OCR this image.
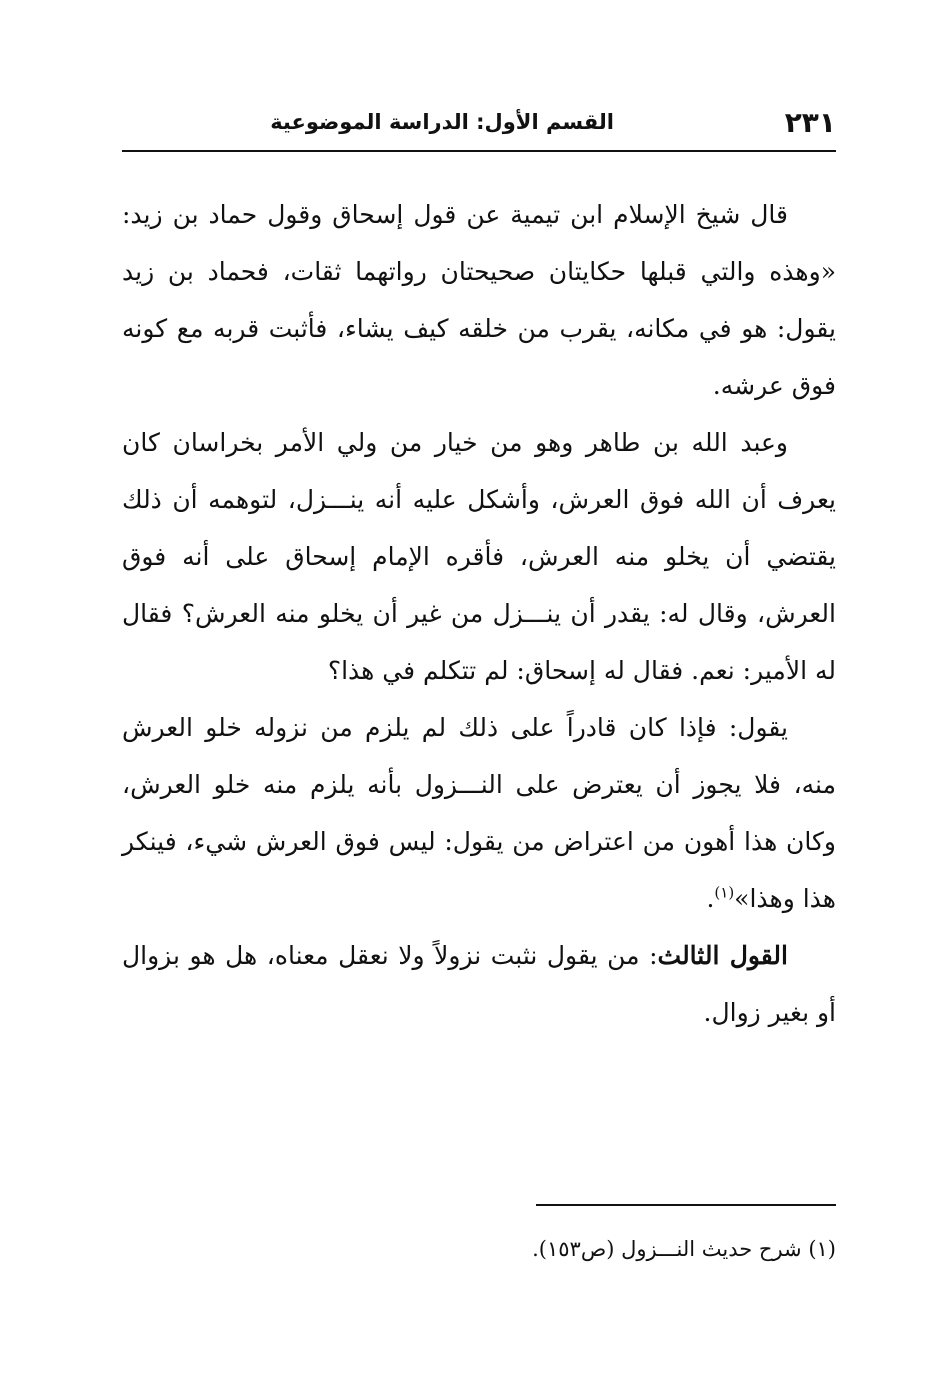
٢٣١
القسم الأول: الدراسة الموضوعية

قال شيخ الإسلام ابن تيمية عن قول إسحاق وقول حماد بن زيد: «وهذه والتي قبلها حكايتان صحيحتان رواتهما ثقات، فحماد بن زيد يقول: هو في مكانه، يقرب من خلقه كيف يشاء، فأثبت قربه مع كونه فوق عرشه.

وعبد الله بن طاهر وهو من خيار من ولي الأمر بخراسان كان يعرف أن الله فوق العرش، وأشكل عليه أنه ينـــزل، لتوهمه أن ذلك يقتضي أن يخلو منه العرش، فأقره الإمام إسحاق على أنه فوق العرش، وقال له: يقدر أن ينـــزل من غير أن يخلو منه العرش؟ فقال له الأمير: نعم. فقال له إسحاق: لم تتكلم في هذا؟

يقول: فإذا كان قادراً على ذلك لم يلزم من نزوله خلو العرش منه، فلا يجوز أن يعترض على النـــزول بأنه يلزم منه خلو العرش، وكان هذا أهون من اعتراض من يقول: ليس فوق العرش شيء، فينكر هذا وهذا»$^{(١)}$.

القول الثالث: من يقول نثبت نزولاً ولا نعقل معناه، هل هو بزوال أو بغير زوال.

(١) شرح حديث النـــزول (ص١٥٣).
